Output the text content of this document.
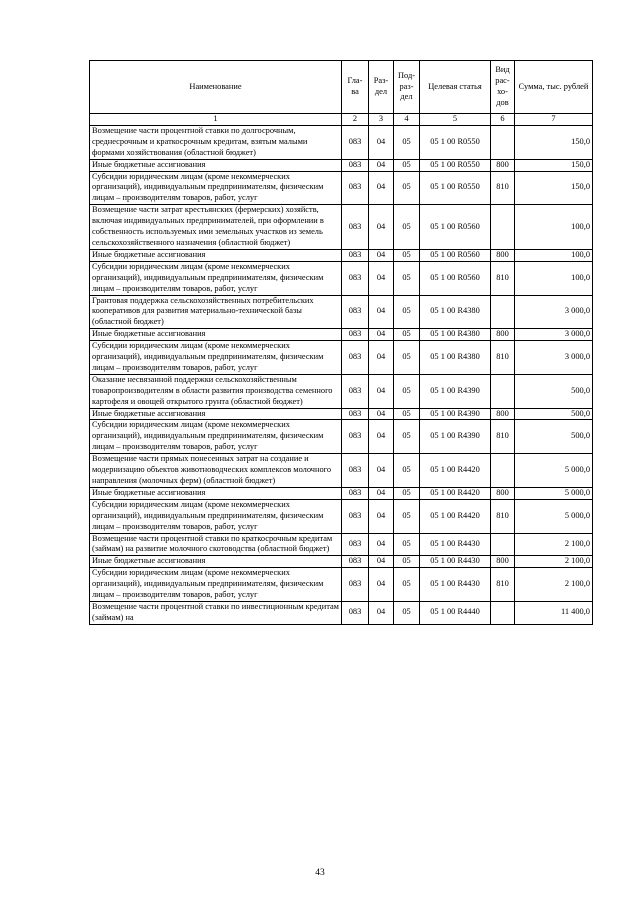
Наименование	Гла-ва	Раз-дел	Под-раз-дел	Целевая статья	Вид рас-хо-дов	Сумма, тыс. рублей
1	2	3	4	5	6	7
Возмещение части процентной ставки по долгосрочным, среднесрочным и краткосрочным кредитам, взятым малыми формами хозяйствования (областной бюджет)	083	04	05	05 1 00 R0550		150,0
Иные бюджетные ассигнования	083	04	05	05 1 00 R0550	800	150,0
Субсидии юридическим лицам (кроме некоммерческих организаций), индивидуальным предпринимателям, физическим лицам – производителям товаров, работ, услуг	083	04	05	05 1 00 R0550	810	150,0
Возмещение части затрат крестьянских (фермерских) хозяйств, включая индивидуальных предпринимателей, при оформлении в собственность используемых ими земельных участков из земель сельскохозяйственного назначения (областной бюджет)	083	04	05	05 1 00 R0560		100,0
Иные бюджетные ассигнования	083	04	05	05 1 00 R0560	800	100,0
Субсидии юридическим лицам (кроме некоммерческих организаций), индивидуальным предпринимателям, физическим лицам – производителям товаров, работ, услуг	083	04	05	05 1 00 R0560	810	100,0
Грантовая поддержка сельскохозяйственных потребительских кооперативов для развития материально-технической базы (областной бюджет)	083	04	05	05 1 00 R4380		3 000,0
Иные бюджетные ассигнования	083	04	05	05 1 00 R4380	800	3 000,0
Субсидии юридическим лицам (кроме некоммерческих организаций), индивидуальным предпринимателям, физическим лицам – производителям товаров, работ, услуг	083	04	05	05 1 00 R4380	810	3 000,0
Оказание несвязанной поддержки сельскохозяйственным товаропроизводителям в области развития производства семенного картофеля и овощей открытого грунта (областной бюджет)	083	04	05	05 1 00 R4390		500,0
Иные бюджетные ассигнования	083	04	05	05 1 00 R4390	800	500,0
Субсидии юридическим лицам (кроме некоммерческих организаций), индивидуальным предпринимателям, физическим лицам – производителям товаров, работ, услуг	083	04	05	05 1 00 R4390	810	500,0
Возмещение части прямых понесенных затрат на создание и модернизацию объектов животноводческих комплексов молочного направления (молочных ферм) (областной бюджет)	083	04	05	05 1 00 R4420		5 000,0
Иные бюджетные ассигнования	083	04	05	05 1 00 R4420	800	5 000,0
Субсидии юридическим лицам (кроме некоммерческих организаций), индивидуальным предпринимателям, физическим лицам – производителям товаров, работ, услуг	083	04	05	05 1 00 R4420	810	5 000,0
Возмещение части процентной ставки по краткосрочным кредитам (займам) на развитие молочного скотоводства (областной бюджет)	083	04	05	05 1 00 R4430		2 100,0
Иные бюджетные ассигнования	083	04	05	05 1 00 R4430	800	2 100,0
Субсидии юридическим лицам (кроме некоммерческих организаций), индивидуальным предпринимателям, физическим лицам – производителям товаров, работ, услуг	083	04	05	05 1 00 R4430	810	2 100,0
Возмещение части процентной ставки по инвестиционным кредитам (займам) на	083	04	05	05 1 00 R4440		11 400,0
43
